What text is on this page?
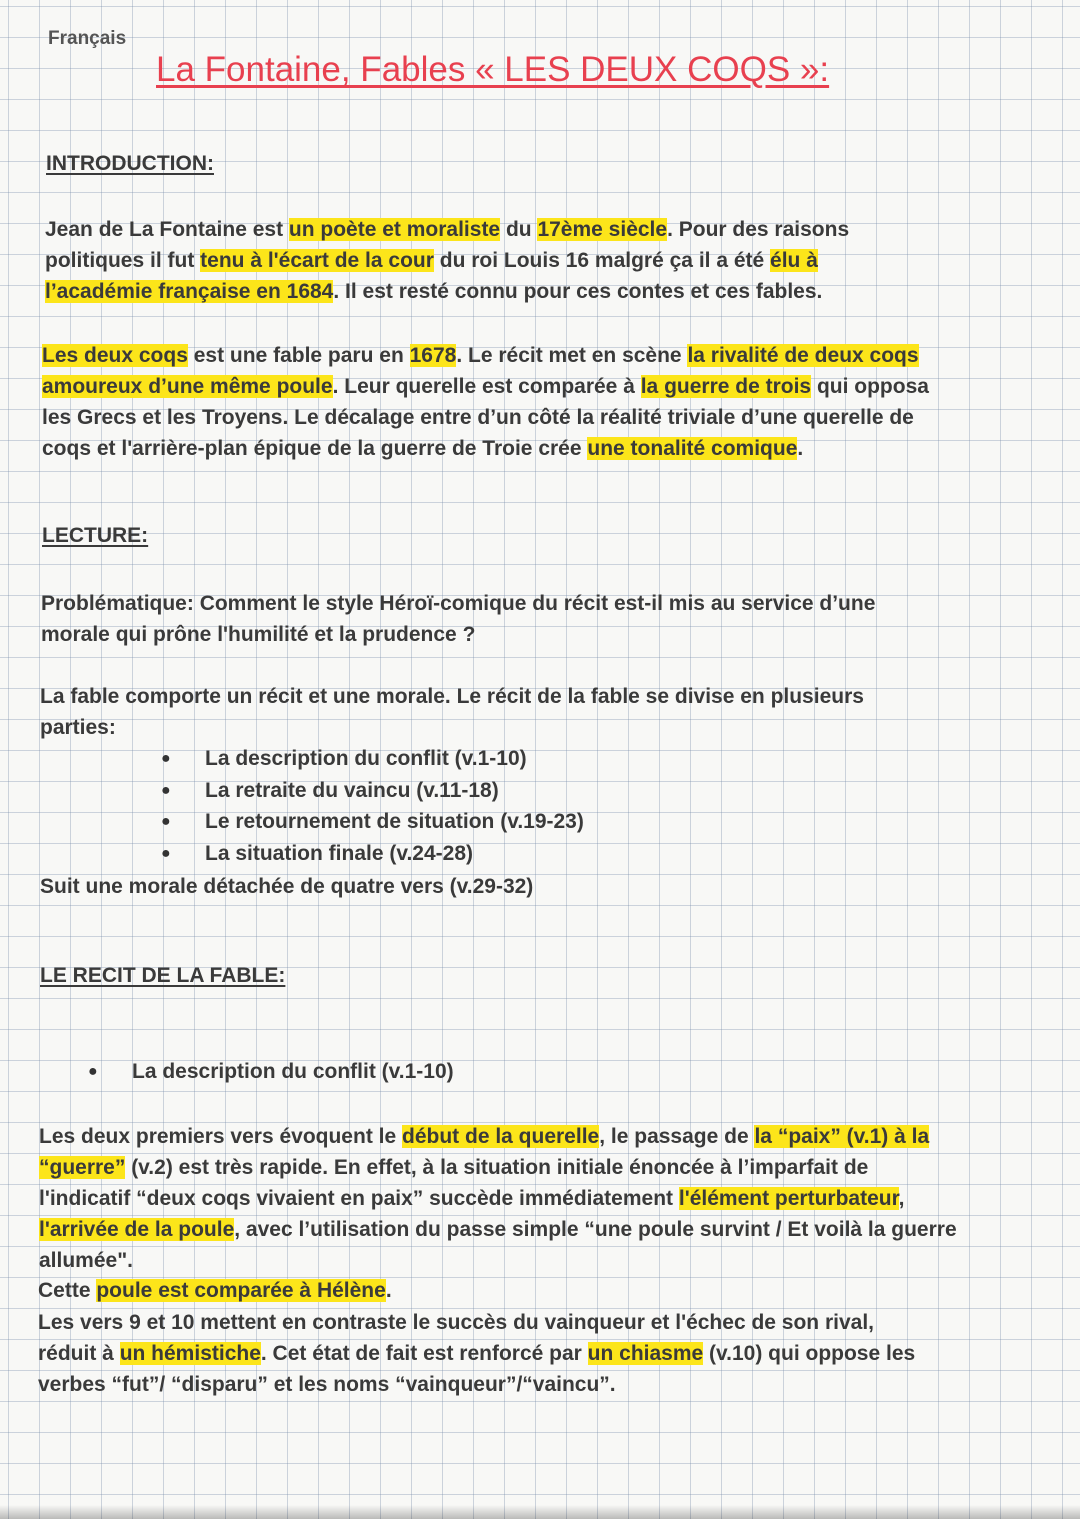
Français
La Fontaine, Fables « LES DEUX COQS »:
INTRODUCTION:
Jean de La Fontaine est un poète et moraliste du 17ème siècle. Pour des raisons politiques il fut tenu à l'écart de la cour du roi Louis 16 malgré ça il a été élu à l’académie française en 1684. Il est resté connu pour ces contes et ces fables.
Les deux coqs est une fable paru en 1678. Le récit met en scène la rivalité de deux coqs amoureux d’une même poule. Leur querelle est comparée à la guerre de trois qui opposa les Grecs et les Troyens. Le décalage entre d’un côté la réalité triviale d’une querelle de coqs et l'arrière-plan épique de la guerre de Troie crée une tonalité comique.
LECTURE:
Problématique: Comment le style Héroï-comique du récit est-il mis au service d’une morale qui prône l'humilité et la prudence ?
La fable comporte un récit et une morale. Le récit de la fable se divise en plusieurs parties:
● La description du conflit (v.1-10)
● La retraite du vaincu (v.11-18)
● Le retournement de situation (v.19-23)
● La situation finale (v.24-28)
Suit une morale détachée de quatre vers (v.29-32)
LE RECIT DE LA FABLE:
● La description du conflit (v.1-10)
Les deux premiers vers évoquent le début de la querelle, le passage de la “paix” (v.1) à la “guerre” (v.2) est très rapide. En effet, à la situation initiale énoncée à l’imparfait de l'indicatif “deux coqs vivaient en paix” succède immédiatement l'élément perturbateur, l'arrivée de la poule, avec l’utilisation du passe simple “une poule survint / Et voilà la guerre allumée".
Cette poule est comparée à Hélène.
Les vers 9 et 10 mettent en contraste le succès du vainqueur et l'échec de son rival, réduit à un hémistiche. Cet état de fait est renforcé par un chiasme (v.10) qui oppose les verbes “fut”/ “disparu” et les noms “vainqueur”/“vaincu”.
